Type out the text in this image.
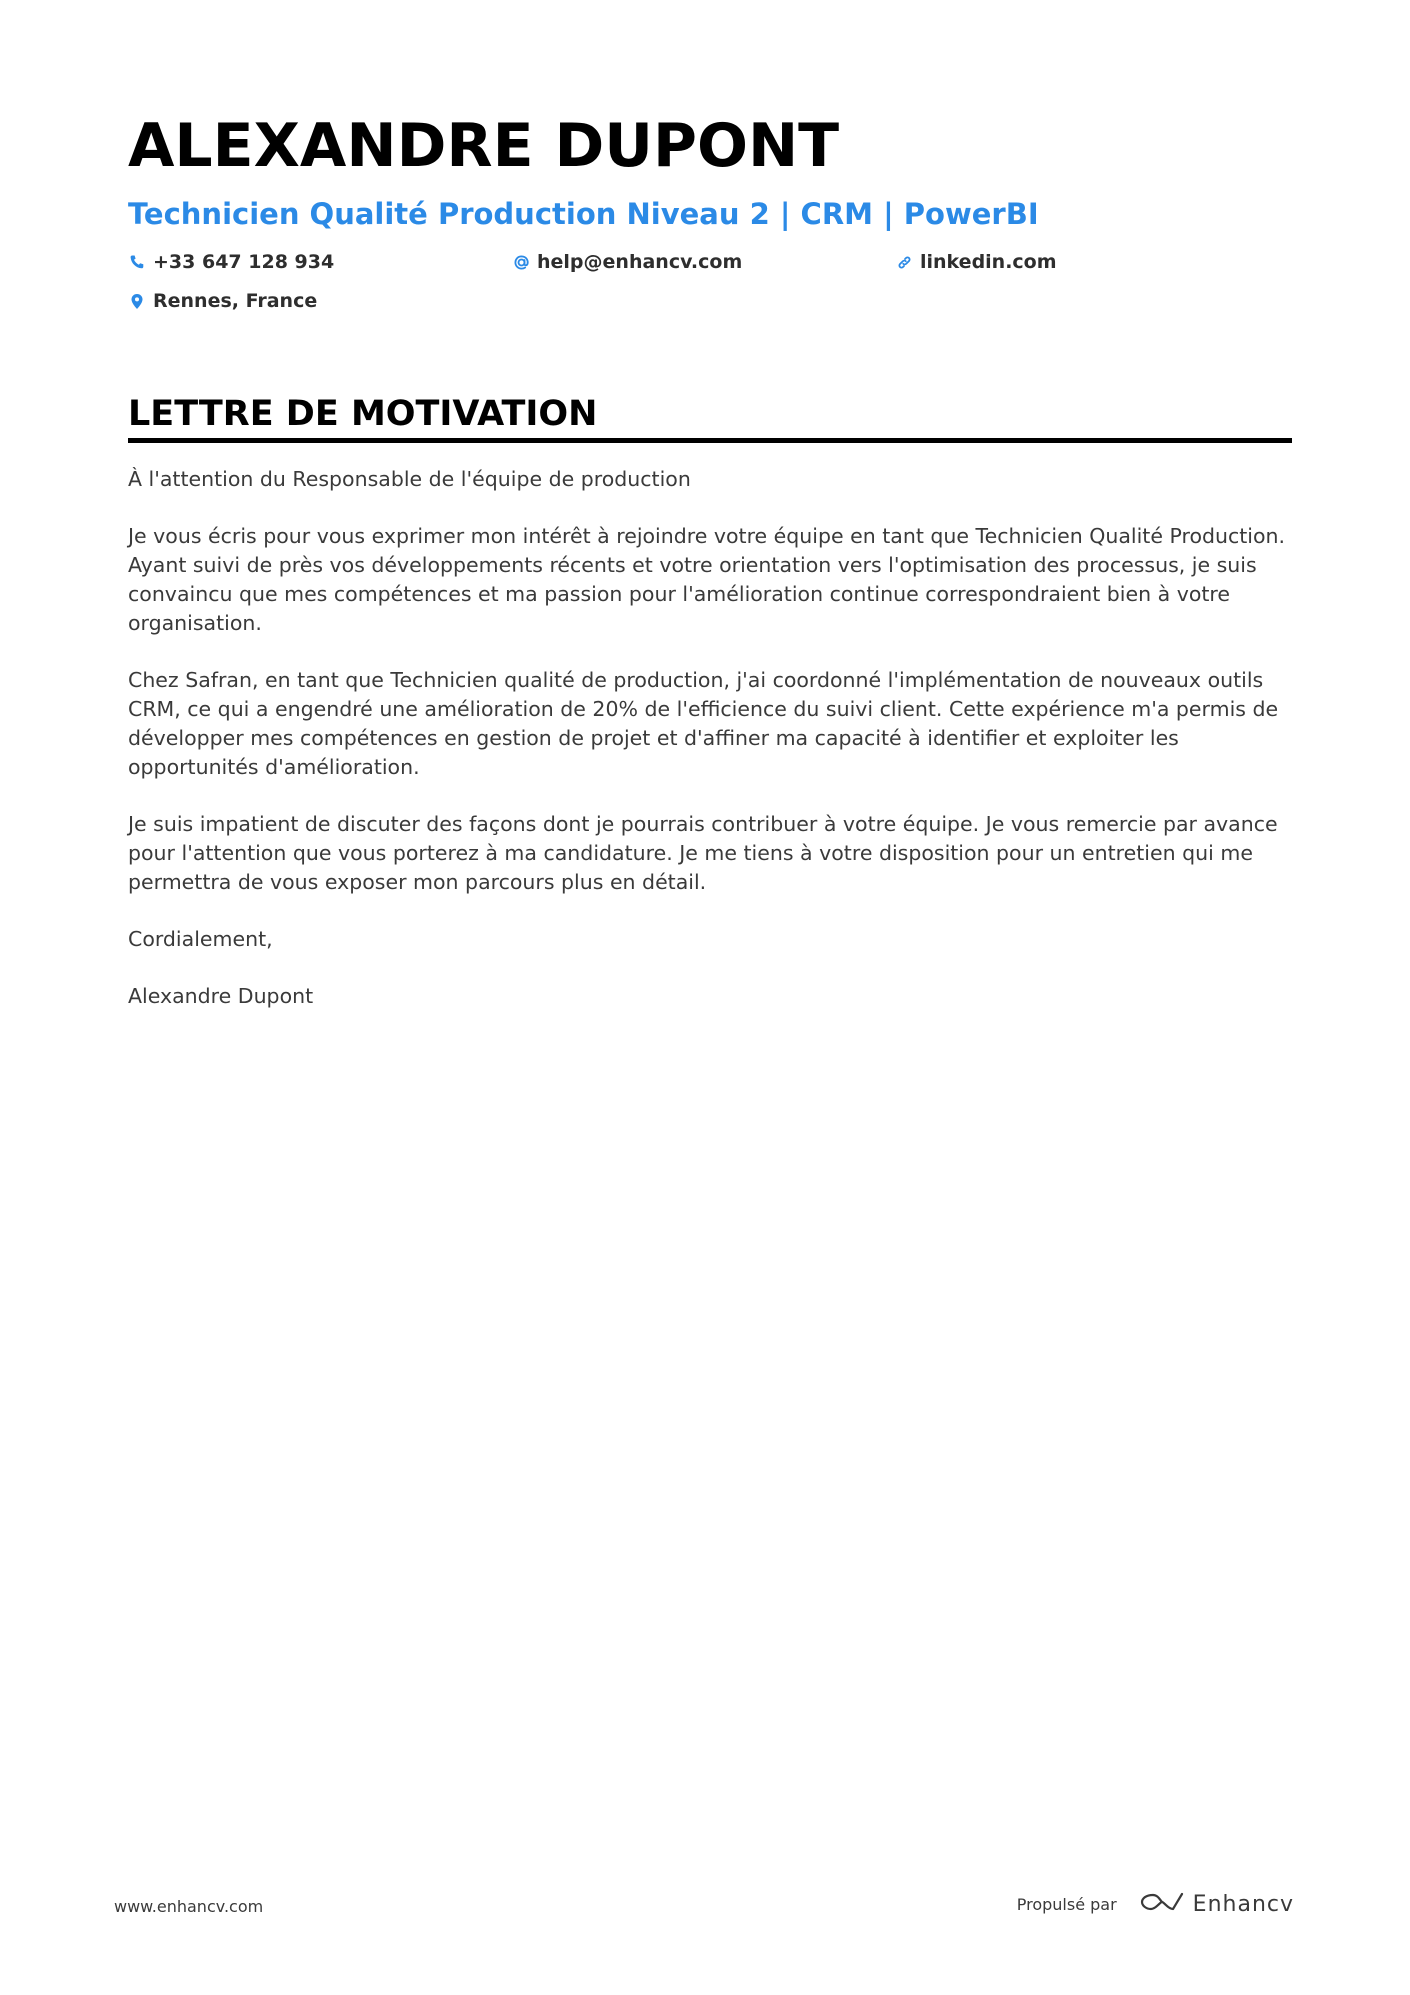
ALEXANDRE DUPONT
Technicien Qualité Production Niveau 2 | CRM | PowerBI
+33 647 128 934	help@enhancv.com	linkedin.com
Rennes, France
LETTRE DE MOTIVATION

À l'attention du Responsable de l'équipe de production

Je vous écris pour vous exprimer mon intérêt à rejoindre votre équipe en tant que Technicien Qualité Production. Ayant suivi de près vos développements récents et votre orientation vers l'optimisation des processus, je suis convaincu que mes compétences et ma passion pour l'amélioration continue correspondraient bien à votre organisation.

Chez Safran, en tant que Technicien qualité de production, j'ai coordonné l'implémentation de nouveaux outils CRM, ce qui a engendré une amélioration de 20% de l'efficience du suivi client. Cette expérience m'a permis de développer mes compétences en gestion de projet et d'affiner ma capacité à identifier et exploiter les opportunités d'amélioration.

Je suis impatient de discuter des façons dont je pourrais contribuer à votre équipe. Je vous remercie par avance pour l'attention que vous porterez à ma candidature. Je me tiens à votre disposition pour un entretien qui me permettra de vous exposer mon parcours plus en détail.

Cordialement,

Alexandre Dupont

www.enhancv.com	Propulsé par	Enhancv
